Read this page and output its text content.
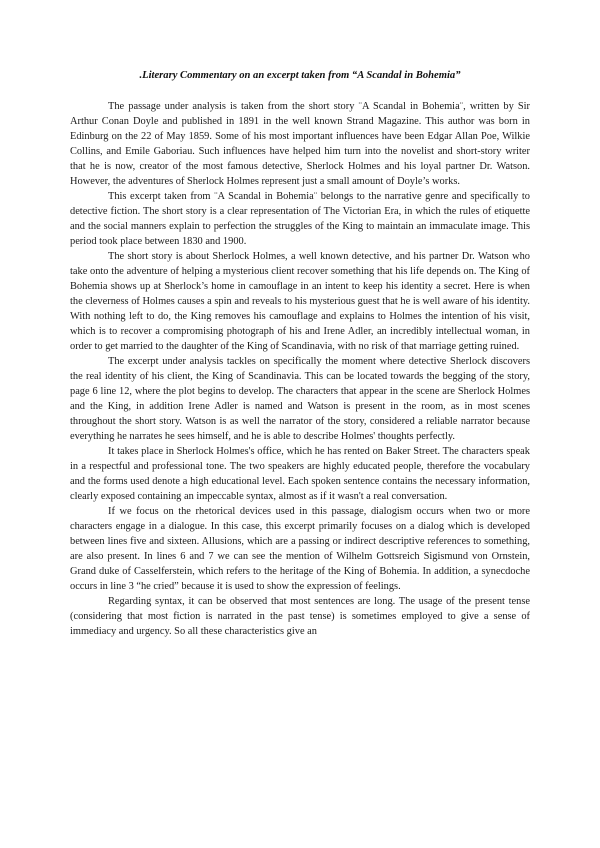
.Literary Commentary on an excerpt taken from “A Scandal in Bohemia”

The passage under analysis is taken from the short story ¨A Scandal in Bohemia¨, written by Sir Arthur Conan Doyle and published in 1891 in the well known Strand Magazine. This author was born in Edinburg on the 22 of May 1859. Some of his most important influences have been Edgar Allan Poe, Wilkie Collins, and Emile Gaboriau. Such influences have helped him turn into the novelist and short-story writer that he is now, creator of the most famous detective, Sherlock Holmes and his loyal partner Dr. Watson. However, the adventures of Sherlock Holmes represent just a small amount of Doyle’s works.

This excerpt taken from ¨A Scandal in Bohemia¨ belongs to the narrative genre and specifically to detective fiction. The short story is a clear representation of The Victorian Era, in which the rules of etiquette and the social manners explain to perfection the struggles of the King to maintain an immaculate image. This period took place between 1830 and 1900.

The short story is about Sherlock Holmes, a well known detective, and his partner Dr. Watson who take onto the adventure of helping a mysterious client recover something that his life depends on. The King of Bohemia shows up at Sherlock’s home in camouflage in an intent to keep his identity a secret. Here is when the cleverness of Holmes causes a spin and reveals to his mysterious guest that he is well aware of his identity. With nothing left to do, the King removes his camouflage and explains to Holmes the intention of his visit, which is to recover a compromising photograph of his and Irene Adler, an incredibly intellectual woman, in order to get married to the daughter of the King of Scandinavia, with no risk of that marriage getting ruined.

The excerpt under analysis tackles on specifically the moment where detective Sherlock discovers the real identity of his client, the King of Scandinavia. This can be located towards the begging of the story, page 6 line 12, where the plot begins to develop. The characters that appear in the scene are Sherlock Holmes and the King, in addition Irene Adler is named and Watson is present in the room, as in most scenes throughout the short story. Watson is as well the narrator of the story, considered a reliable narrator because everything he narrates he sees himself, and he is able to describe Holmes' thoughts perfectly.

It takes place in Sherlock Holmes's office, which he has rented on Baker Street. The characters speak in a respectful and professional tone. The two speakers are highly educated people, therefore the vocabulary and the forms used denote a high educational level. Each spoken sentence contains the necessary information, clearly exposed containing an impeccable syntax, almost as if it wasn't a real conversation.

If we focus on the rhetorical devices used in this passage, dialogism occurs when two or more characters engage in a dialogue. In this case, this excerpt primarily focuses on a dialog which is developed between lines five and sixteen. Allusions, which are a passing or indirect descriptive references to something, are also present. In lines 6 and 7 we can see the mention of Wilhelm Gottsreich Sigismund von Ornstein, Grand duke of Casselferstein, which refers to the heritage of the King of Bohemia. In addition, a synecdoche occurs in line 3 “he cried” because it is used to show the expression of feelings.

Regarding syntax, it can be observed that most sentences are long. The usage of the present tense (considering that most fiction is narrated in the past tense) is sometimes employed to give a sense of immediacy and urgency. So all these characteristics give an
